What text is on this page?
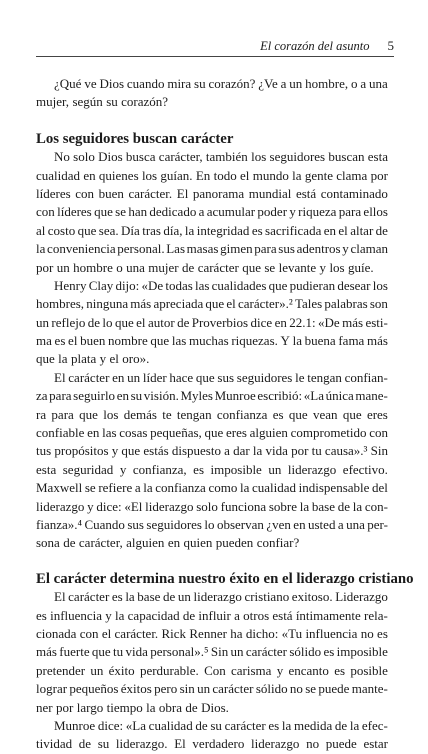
El corazón del asunto 5
¿Qué ve Dios cuando mira su corazón? ¿Ve a un hombre, o a una
mujer, según su corazón?
Los seguidores buscan carácter
No solo Dios busca carácter, también los seguidores buscan esta
cualidad en quienes los guían. En todo el mundo la gente clama por
líderes con buen carácter. El panorama mundial está contaminado
con líderes que se han dedicado a acumular poder y riqueza para ellos
al costo que sea. Día tras día, la integridad es sacrificada en el altar de
la conveniencia personal. Las masas gimen para sus adentros y claman
por un hombre o una mujer de carácter que se levante y los guíe.
Henry Clay dijo: «De todas las cualidades que pudieran desear los
hombres, ninguna más apreciada que el carácter».² Tales palabras son
un reflejo de lo que el autor de Proverbios dice en 22.1: «De más esti-
ma es el buen nombre que las muchas riquezas. Y la buena fama más
que la plata y el oro».
El carácter en un líder hace que sus seguidores le tengan confian-
za para seguirlo en su visión. Myles Munroe escribió: «La única mane-
ra para que los demás te tengan confianza es que vean que eres
confiable en las cosas pequeñas, que eres alguien comprometido con
tus propósitos y que estás dispuesto a dar la vida por tu causa».³ Sin
esta seguridad y confianza, es imposible un liderazgo efectivo.
Maxwell se refiere a la confianza como la cualidad indispensable del
liderazgo y dice: «El liderazgo solo funciona sobre la base de la con-
fianza».⁴ Cuando sus seguidores lo observan ¿ven en usted a una per-
sona de carácter, alguien en quien pueden confiar?
El carácter determina nuestro éxito en el liderazgo cristiano
El carácter es la base de un liderazgo cristiano exitoso. Liderazgo
es influencia y la capacidad de influir a otros está íntimamente rela-
cionada con el carácter. Rick Renner ha dicho: «Tu influencia no es
más fuerte que tu vida personal».⁵ Sin un carácter sólido es imposible
pretender un éxito perdurable. Con carisma y encanto es posible
lograr pequeños éxitos pero sin un carácter sólido no se puede mante-
ner por largo tiempo la obra de Dios.
Munroe dice: «La cualidad de su carácter es la medida de la efec-
tividad de su liderazgo. El verdadero liderazgo no puede estar
